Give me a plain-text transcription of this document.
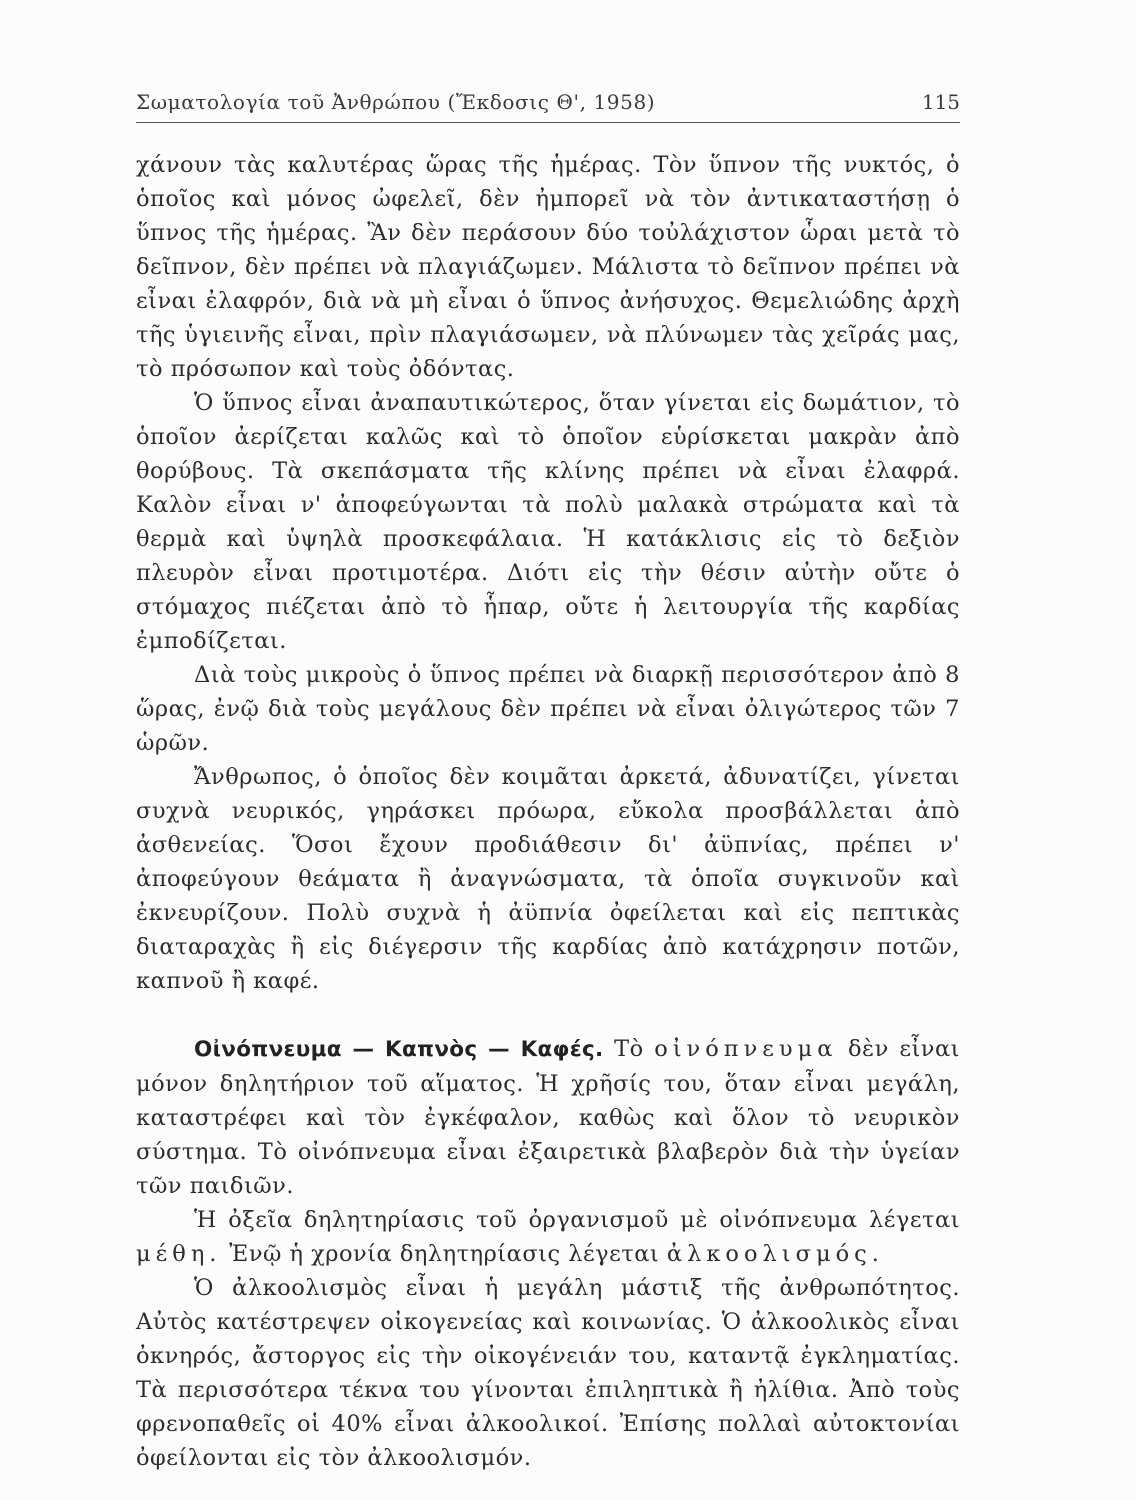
Σωματολογία τοῦ Ἀνθρώπου (Ἔκδοσις Θ', 1958)	115

χάνουν τὰς καλυτέρας ὥρας τῆς ἡμέρας. Τὸν ὕπνον τῆς νυκτός, ὁ ὁποῖος καὶ μόνος ὠφελεῖ, δὲν ἠμπορεῖ νὰ τὸν ἀντικαταστήσῃ ὁ ὕπνος τῆς ἡμέρας. Ἂν δὲν περάσουν δύο τοὐλάχιστον ὧραι μετὰ τὸ δεῖπνον, δὲν πρέπει νὰ πλαγιάζωμεν. Μάλιστα τὸ δεῖπνον πρέπει νὰ εἶναι ἐλαφρόν, διὰ νὰ μὴ εἶναι ὁ ὕπνος ἀνήσυχος. Θεμελιώδης ἀρχὴ τῆς ὑγιεινῆς εἶναι, πρὶν πλαγιάσωμεν, νὰ πλύνωμεν τὰς χεῖράς μας, τὸ πρόσωπον καὶ τοὺς ὀδόντας.

Ὁ ὕπνος εἶναι ἀναπαυτικώτερος, ὅταν γίνεται εἰς δωμάτιον, τὸ ὁποῖον ἀερίζεται καλῶς καὶ τὸ ὁποῖον εὑρίσκεται μακρὰν ἀπὸ θορύβους. Τὰ σκεπάσματα τῆς κλίνης πρέπει νὰ εἶναι ἐλαφρά. Καλὸν εἶναι ν' ἀποφεύγωνται τὰ πολὺ μαλακὰ στρώματα καὶ τὰ θερμὰ καὶ ὑψηλὰ προσκεφάλαια. Ἡ κατάκλισις εἰς τὸ δεξιὸν πλευρὸν εἶναι προτιμοτέρα. Διότι εἰς τὴν θέσιν αὐτὴν οὔτε ὁ στόμαχος πιέζεται ἀπὸ τὸ ἧπαρ, οὔτε ἡ λειτουργία τῆς καρδίας ἐμποδίζεται.

Διὰ τοὺς μικροὺς ὁ ὕπνος πρέπει νὰ διαρκῇ περισσότερον ἀπὸ 8 ὥρας, ἐνῷ διὰ τοὺς μεγάλους δὲν πρέπει νὰ εἶναι ὀλιγώτερος τῶν 7 ὡρῶν.

Ἄνθρωπος, ὁ ὁποῖος δὲν κοιμᾶται ἀρκετά, ἀδυνατίζει, γίνεται συχνὰ νευρικός, γηράσκει πρόωρα, εὔκολα προσβάλλεται ἀπὸ ἀσθενείας. Ὅσοι ἔχουν προδιάθεσιν δι' ἀϋπνίας, πρέπει ν' ἀποφεύγουν θεάματα ἢ ἀναγνώσματα, τὰ ὁποῖα συγκινοῦν καὶ ἐκνευρίζουν. Πολὺ συχνὰ ἡ ἀϋπνία ὀφείλεται καὶ εἰς πεπτικὰς διαταραχὰς ἢ εἰς διέγερσιν τῆς καρδίας ἀπὸ κατάχρησιν ποτῶν, καπνοῦ ἢ καφέ.

Οἰνόπνευμα — Καπνὸς — Καφές. Τὸ οἰνόπνευμα δὲν εἶναι μόνον δηλητήριον τοῦ αἵματος. Ἡ χρῆσίς του, ὅταν εἶναι μεγάλη, καταστρέφει καὶ τὸν ἐγκέφαλον, καθὼς καὶ ὅλον τὸ νευρικὸν σύστημα. Τὸ οἰνόπνευμα εἶναι ἐξαιρετικὰ βλαβερὸν διὰ τὴν ὑγείαν τῶν παιδιῶν.

Ἡ ὀξεῖα δηλητηρίασις τοῦ ὀργανισμοῦ μὲ οἰνόπνευμα λέγεται μέθη. Ἐνῷ ἡ χρονία δηλητηρίασις λέγεται ἀλκοολισμός.

Ὁ ἀλκοολισμὸς εἶναι ἡ μεγάλη μάστιξ τῆς ἀνθρωπότητος. Αὐτὸς κατέστρεψεν οἰκογενείας καὶ κοινωνίας. Ὁ ἀλκοολικὸς εἶναι ὀκνηρός, ἄστοργος εἰς τὴν οἰκογένειάν του, καταντᾷ ἐγκληματίας. Τὰ περισσότερα τέκνα του γίνονται ἐπιληπτικὰ ἢ ἠλίθια. Ἀπὸ τοὺς φρενοπαθεῖς οἱ 40% εἶναι ἀλκοολικοί. Ἐπίσης πολλαὶ αὐτοκτονίαι ὀφείλονται εἰς τὸν ἀλκοολισμόν.
